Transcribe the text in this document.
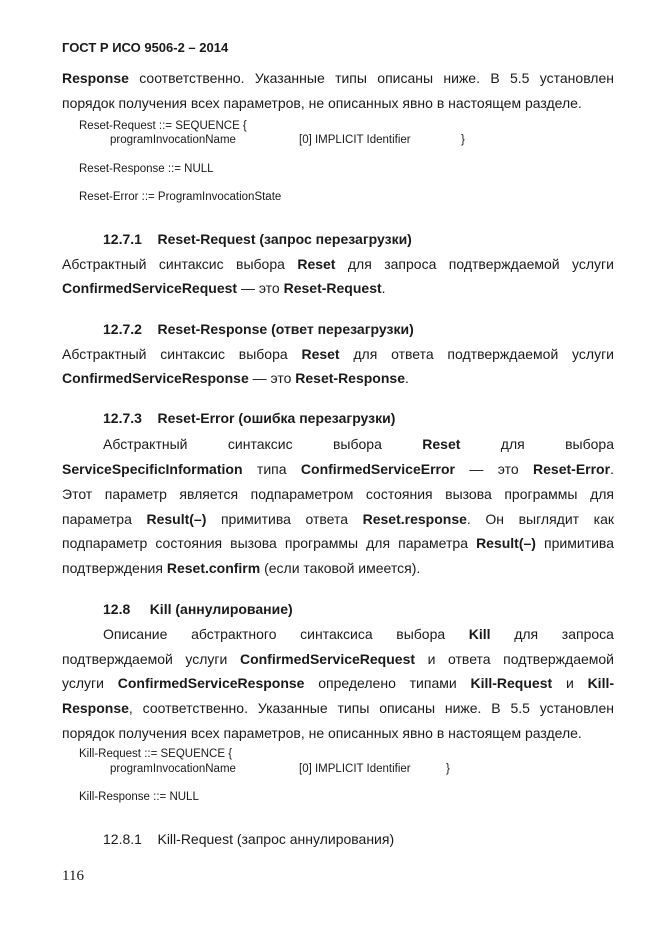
ГОСТ Р ИСО 9506-2 – 2014
Response соответственно. Указанные типы описаны ниже. В 5.5 установлен
порядок получения всех параметров, не описанных явно в настоящем разделе.
Reset-Request ::= SEQUENCE {
programInvocationName	[0] IMPLICIT Identifier	}
Reset-Response ::= NULL
Reset-Error ::= ProgramInvocationState
12.7.1    Reset-Request (запрос перезагрузки)
Абстрактный синтаксис выбора Reset для запроса подтверждаемой услуги
ConfirmedServiceRequest — это Reset-Request.
12.7.2    Reset-Response (ответ перезагрузки)
Абстрактный синтаксис выбора Reset для ответа подтверждаемой услуги
ConfirmedServiceResponse — это Reset-Response.
12.7.3    Reset-Error (ошибка перезагрузки)
Абстрактный	синтаксис	выбора	Reset	для	выбора
ServiceSpecificInformation типа ConfirmedServiceError — это Reset-Error.
Этот параметр является подпараметром состояния вызова программы для
параметра Result(–) примитива ответа Reset.response. Он выглядит как
подпараметр состояния вызова программы для параметра Result(–) примитива
подтверждения Reset.confirm (если таковой имеется).
12.8     Kill (аннулирование)
Описание абстрактного синтаксиса выбора Kill для запроса
подтверждаемой услуги ConfirmedServiceRequest и ответа подтверждаемой
услуги ConfirmedServiceResponse определено типами Kill-Request и Kill-
Response, соответственно. Указанные типы описаны ниже. В 5.5 установлен
порядок получения всех параметров, не описанных явно в настоящем разделе.
Kill-Request ::= SEQUENCE {
programInvocationName	[0] IMPLICIT Identifier	}
Kill-Response ::= NULL
12.8.1    Kill-Request (запрос аннулирования)
116
